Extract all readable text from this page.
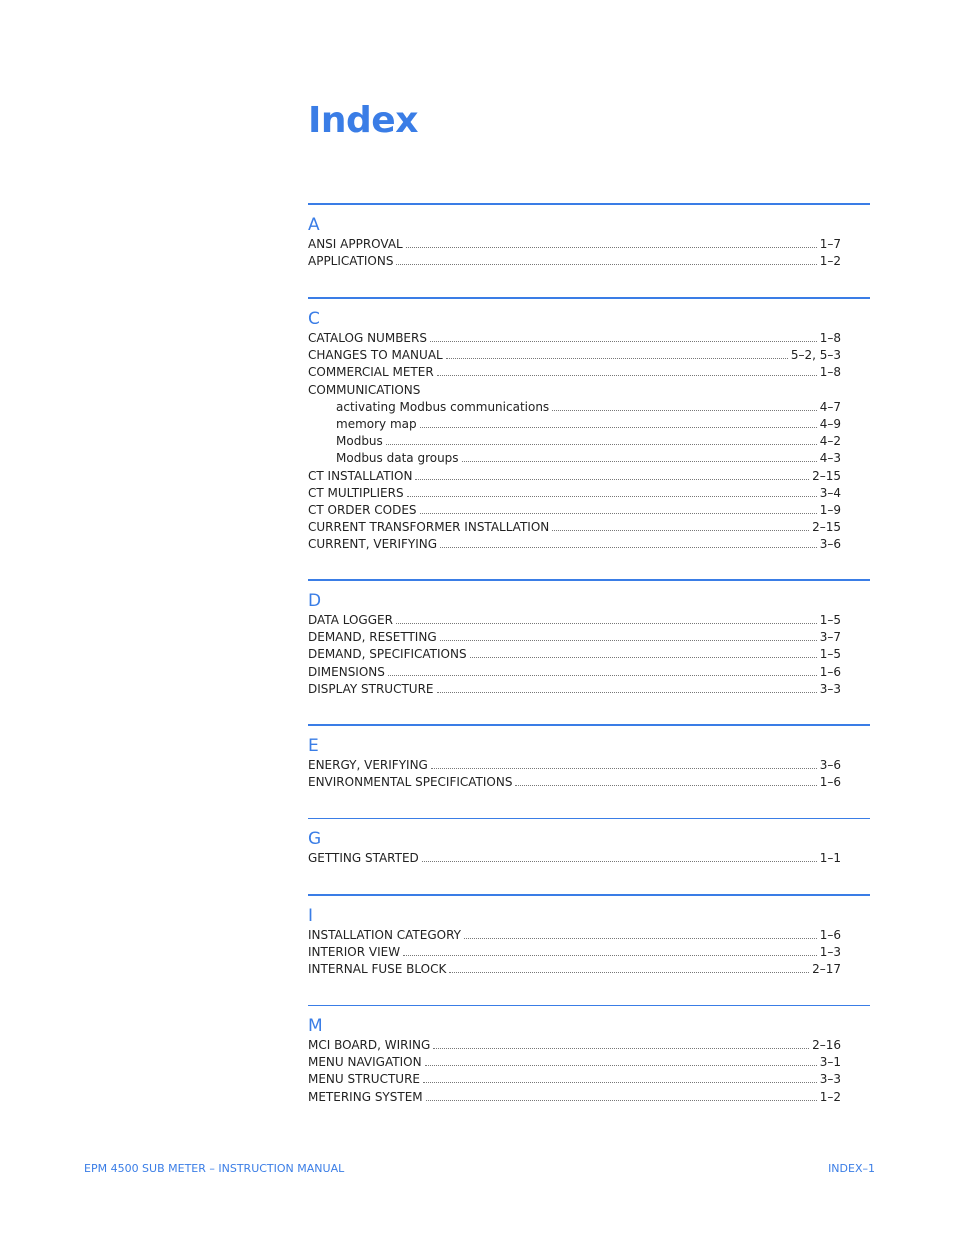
Index
A
ANSI APPROVAL	1–7
APPLICATIONS	1–2
C
CATALOG NUMBERS	1–8
CHANGES TO MANUAL	5–2, 5–3
COMMERCIAL METER	1–8
COMMUNICATIONS
activating Modbus communications	4–7
memory map	4–9
Modbus	4–2
Modbus data groups	4–3
CT INSTALLATION	2–15
CT MULTIPLIERS	3–4
CT ORDER CODES	1–9
CURRENT TRANSFORMER INSTALLATION	2–15
CURRENT, VERIFYING	3–6
D
DATA LOGGER	1–5
DEMAND, RESETTING	3–7
DEMAND, SPECIFICATIONS	1–5
DIMENSIONS	1–6
DISPLAY STRUCTURE	3–3
E
ENERGY, VERIFYING	3–6
ENVIRONMENTAL SPECIFICATIONS	1–6
G
GETTING STARTED	1–1
I
INSTALLATION CATEGORY	1–6
INTERIOR VIEW	1–3
INTERNAL FUSE BLOCK	2–17
M
MCI BOARD, WIRING	2–16
MENU NAVIGATION	3–1
MENU STRUCTURE	3–3
METERING SYSTEM	1–2
EPM 4500 SUB METER – INSTRUCTION MANUAL	INDEX–1
